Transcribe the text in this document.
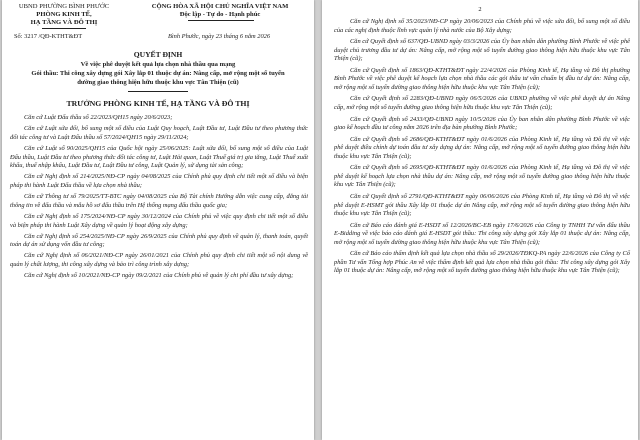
UBND PHƯỜNG BÌNH PHƯỚC
PHÒNG KINH TẾ,
HẠ TẦNG VÀ ĐÔ THỊ
CỘNG HÒA XÃ HỘI CHỦ NGHĨA VIỆT NAM
Độc lập - Tự do - Hạnh phúc
Số: 3217 /QĐ-KTHT&ĐT	Bình Phước, ngày 23 tháng 6 năm 2026
QUYẾT ĐỊNH
Về việc phê duyệt kết quả lựa chọn nhà thầu qua mạng
Gói thầu: Thi công xây dựng gói Xây lắp 01 thuộc dự án: Nâng cấp, mở rộng một số tuyến đường giao thông hiện hữu thuộc khu vực Tân Thiện (cũ)
TRƯỞNG PHÒNG KINH TẾ, HẠ TẦNG VÀ ĐÔ THỊ

Căn cứ Luật Đấu thầu số 22/2023/QH15 ngày 20/6/2023;

Căn cứ Luật sửa đổi, bổ sung một số điều của Luật Quy hoạch, Luật Đầu tư, Luật Đầu tư theo phương thức đối tác công tư và Luật Đấu thầu số 57/2024/QH15 ngày 29/11/2024;

Căn cứ Luật số 90/2025/QH15 của Quốc hội ngày 25/06/2025: Luật sửa đổi, bổ sung một số điều của Luật Đấu thầu, Luật Đầu tư theo phương thức đối tác công tư, Luật Hải quan, Luật Thuế giá trị gia tăng, Luật Thuế xuất khẩu, thuế nhập khẩu, Luật Đầu tư, Luật Đầu tư công, Luật Quản lý, sử dụng tài sản công;

Căn cứ Nghị định số 214/2025/NĐ-CP ngày 04/08/2025 của Chính phủ quy định chi tiết một số điều và biện pháp thi hành Luật Đấu thầu về lựa chọn nhà thầu;

Căn cứ Thông tư số 79/2025/TT-BTC ngày 04/08/2025 của Bộ Tài chính Hướng dẫn việc cung cấp, đăng tải thông tin về đấu thầu và mẫu hồ sơ đấu thầu trên Hệ thống mạng đấu thầu quốc gia;

Căn cứ Nghị định số 175/2024/NĐ-CP ngày 30/12/2024 của Chính phủ về việc quy định chi tiết một số điều và biện pháp thi hành Luật Xây dựng về quản lý hoạt động xây dựng;

Căn cứ Nghị định số 254/2025/NĐ-CP ngày 26/9/2025 của Chính phủ quy định về quản lý, thanh toán, quyết toán dự án sử dụng vốn đầu tư công;

Căn cứ Nghị định số 06/2021/NĐ-CP ngày 26/01/2021 của Chính phủ quy định chi tiết một số nội dung về quản lý chất lượng, thi công xây dựng và bảo trì công trình xây dựng;

Căn cứ Nghị định số 10/2021/NĐ-CP ngày 09/2/2021 của Chính phủ về quản lý chi phí đầu tư xây dựng;

2

Căn cứ Nghị định số 35/2023/NĐ-CP ngày 20/06/2023 của Chính phủ về việc sửa đổi, bổ sung một số điều của các nghị định thuộc lĩnh vực quản lý nhà nước của Bộ Xây dựng;

Căn cứ Quyết định số 637/QĐ-UBND ngày 03/3/2026 của Ủy ban nhân dân phường Bình Phước về việc phê duyệt chủ trương đầu tư dự án: Nâng cấp, mở rộng một số tuyến đường giao thông hiện hữu thuộc khu vực Tân Thiện (cũ);

Căn cứ Quyết định số 1863/QĐ-KTHT&ĐT ngày 22/4/2026 của Phòng Kinh tế, Hạ tầng và Đô thị phường Bình Phước về việc phê duyệt kế hoạch lựa chọn nhà thầu các gói thầu tư vấn chuẩn bị đầu tư dự án: Nâng cấp, mở rộng một số tuyến đường giao thông hiện hữu thuộc khu vực Tân Thiện (cũ);

Căn cứ Quyết định số 2283/QĐ-UBND ngày 06/5/2026 của UBND phường về việc phê duyệt dự án Nâng cấp, mở rộng một số tuyến đường giao thông hiện hữu thuộc khu vực Tân Thiện (cũ);

Căn cứ Quyết định số 2433/QĐ-UBND ngày 10/5/2026 của Ủy ban nhân dân phường Bình Phước về việc giao kế hoạch đầu tư công năm 2026 trên địa bàn phường Bình Phước;

Căn cứ Quyết định số 2686/QĐ-KTHT&ĐT ngày 01/6/2026 của Phòng Kinh tế, Hạ tầng và Đô thị về việc phê duyệt điều chỉnh dự toán đầu tư xây dựng dự án: Nâng cấp, mở rộng một số tuyến đường giao thông hiện hữu thuộc khu vực Tân Thiện (cũ);

Căn cứ Quyết định số 2695/QĐ-KTHT&ĐT ngày 01/6/2026 của Phòng Kinh tế, Hạ tầng và Đô thị về việc phê duyệt kế hoạch lựa chọn nhà thầu dự án: Nâng cấp, mở rộng một số tuyến đường giao thông hiện hữu thuộc khu vực Tân Thiện (cũ);

Căn cứ Quyết định số 2791/QĐ-KTHT&ĐT ngày 06/06/2026 của Phòng Kinh tế, Hạ tầng và Đô thị về việc phê duyệt E-HSMT gói thầu Xây lắp 01 thuộc dự án Nâng cấp, mở rộng một số tuyến đường giao thông hiện hữu thuộc khu vực Tân Thiện (cũ);

Căn cứ Báo cáo đánh giá E-HSDT số 12/2026/BC-EB ngày 17/6/2026 của Công ty TNHH Tư vấn đấu thầu E-Bidding về việc báo cáo đánh giá E-HSDT gói thầu: Thi công xây dựng gói Xây lắp 01 thuộc dự án: Nâng cấp, mở rộng một số tuyến đường giao thông hiện hữu thuộc khu vực Tân Thiện (cũ);

Căn cứ Báo cáo thẩm định kết quả lựa chọn nhà thầu số 29/2026/TĐKQ-PA ngày 22/6/2026 của Công ty Cổ phần Tư vấn Tổng hợp Phúc An về việc thẩm định kết quả lựa chọn nhà thầu gói thầu: Thi công xây dựng gói Xây lắp 01 thuộc dự án: Nâng cấp, mở rộng một số tuyến đường giao thông hiện hữu thuộc khu vực Tân Thiện (cũ);
